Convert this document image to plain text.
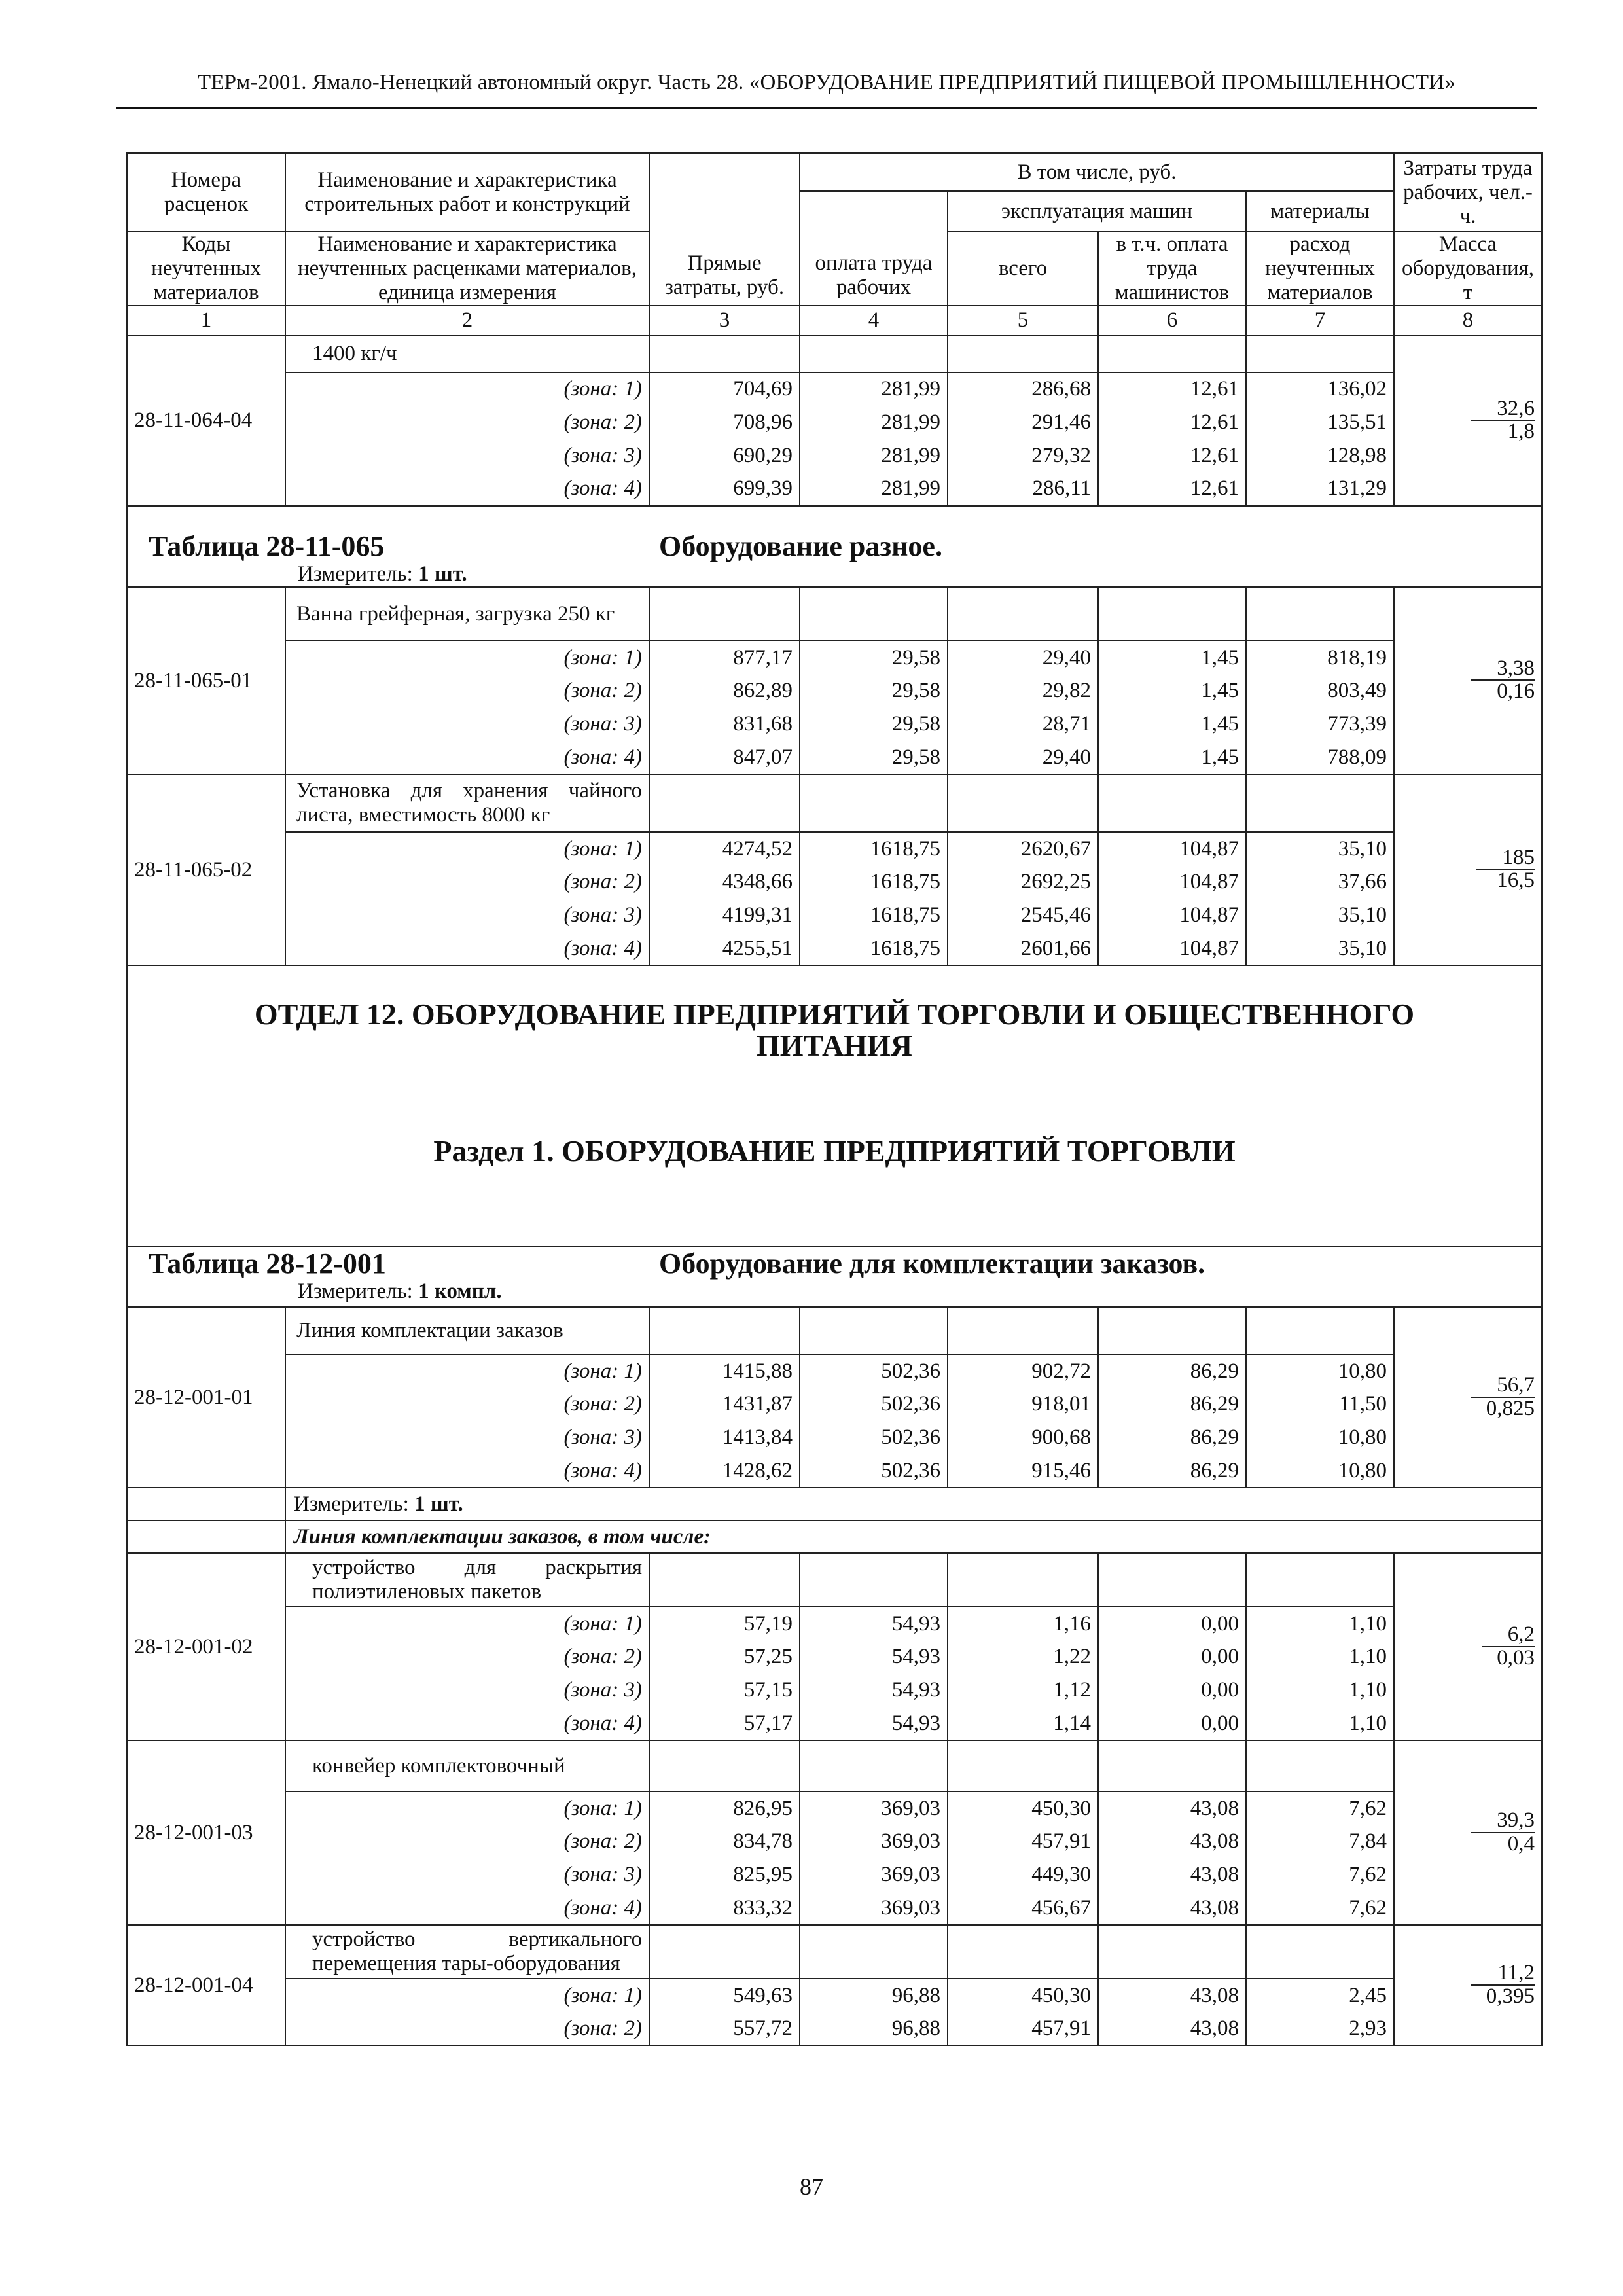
ТЕРм-2001. Ямало-Ненецкий автономный округ. Часть 28. «ОБОРУДОВАНИЕ ПРЕДПРИЯТИЙ ПИЩЕВОЙ ПРОМЫШЛЕННОСТИ»
Номера расценок	Наименование и характеристика строительных работ и конструкций	Прямые затраты, руб.	В том числе, руб.				Затраты труда рабочих, чел.-ч.
			оплата труда рабочих	эксплуатация машин		материалы	
Коды неучтенных материалов	Наименование и характеристика неучтенных расценками материалов, единица измерения			всего	в т.ч. оплата труда машинистов	расход неучтенных материалов	Масса оборудования, т
1	2	3	4	5	6	7	8
28-11-064-04	1400 кг/ч						$\frac{32,6}{1,8}$

	(зона: 1)	704,69	281,99	286,68	12,61	136,02	
	(зона: 2)	708,96	281,99	291,46	12,61	135,51	
	(зона: 3)	690,29	281,99	279,32	12,61	128,98	
	(зона: 4)	699,39	281,99	286,11	12,61	131,29	

Таблица 28-11-065 Оборудование разное.
Измеритель: 1 шт.							

28-11-065-01	Ванна грейферная, загрузка 250 кг						$\frac{3,38}{0,16}$

	(зона: 1)	877,17	29,58	29,40	1,45	818,19	
	(зона: 2)	862,89	29,58	29,82	1,45	803,49	
	(зона: 3)	831,68	29,58	28,71	1,45	773,39	
	(зона: 4)	847,07	29,58	29,40	1,45	788,09	
28-11-065-02	Установка для хранения чайного листа, вместимость 8000 кг						$\frac{185}{16,5}$

	(зона: 1)	4274,52	1618,75	2620,67	104,87	35,10	
	(зона: 2)	4348,66	1618,75	2692,25	104,87	37,66	
	(зона: 3)	4199,31	1618,75	2545,46	104,87	35,10	
	(зона: 4)	4255,51	1618,75	2601,66	104,87	35,10	

ОТДЕЛ 12. ОБОРУДОВАНИЕ ПРЕДПРИЯТИЙ ТОРГОВЛИ И ОБЩЕСТВЕННОГО
ПИТАНИЯ
Раздел 1. ОБОРУДОВАНИЕ ПРЕДПРИЯТИЙ ТОРГОВЛИ							

Таблица 28-12-001 Оборудование для комплектации заказов.
Измеритель: 1 компл.							

28-12-001-01	Линия комплектации заказов						$\frac{56,7}{0,825}$

	(зона: 1)	1415,88	502,36	902,72	86,29	10,80	
	(зона: 2)	1431,87	502,36	918,01	86,29	11,50	
	(зона: 3)	1413,84	502,36	900,68	86,29	10,80	
	(зона: 4)	1428,62	502,36	915,46	86,29	10,80	
	Измеритель: 1 шт.						
	Линия комплектации заказов, в том числе:						
28-12-001-02	устройство для раскрытия полиэтиленовых пакетов						$\frac{6,2}{0,03}$

	(зона: 1)	57,19	54,93	1,16	0,00	1,10	
	(зона: 2)	57,25	54,93	1,22	0,00	1,10	
	(зона: 3)	57,15	54,93	1,12	0,00	1,10	
	(зона: 4)	57,17	54,93	1,14	0,00	1,10	
28-12-001-03	конвейер комплектовочный						$\frac{39,3}{0,4}$

	(зона: 1)	826,95	369,03	450,30	43,08	7,62	
	(зона: 2)	834,78	369,03	457,91	43,08	7,84	
	(зона: 3)	825,95	369,03	449,30	43,08	7,62	
	(зона: 4)	833,32	369,03	456,67	43,08	7,62	
28-12-001-04	устройство вертикального перемещения тары-оборудования						$\frac{11,2}{0,395}$

	(зона: 1)	549,63	96,88	450,30	43,08	2,45	
	(зона: 2)	557,72	96,88	457,91	43,08	2,93	
87
